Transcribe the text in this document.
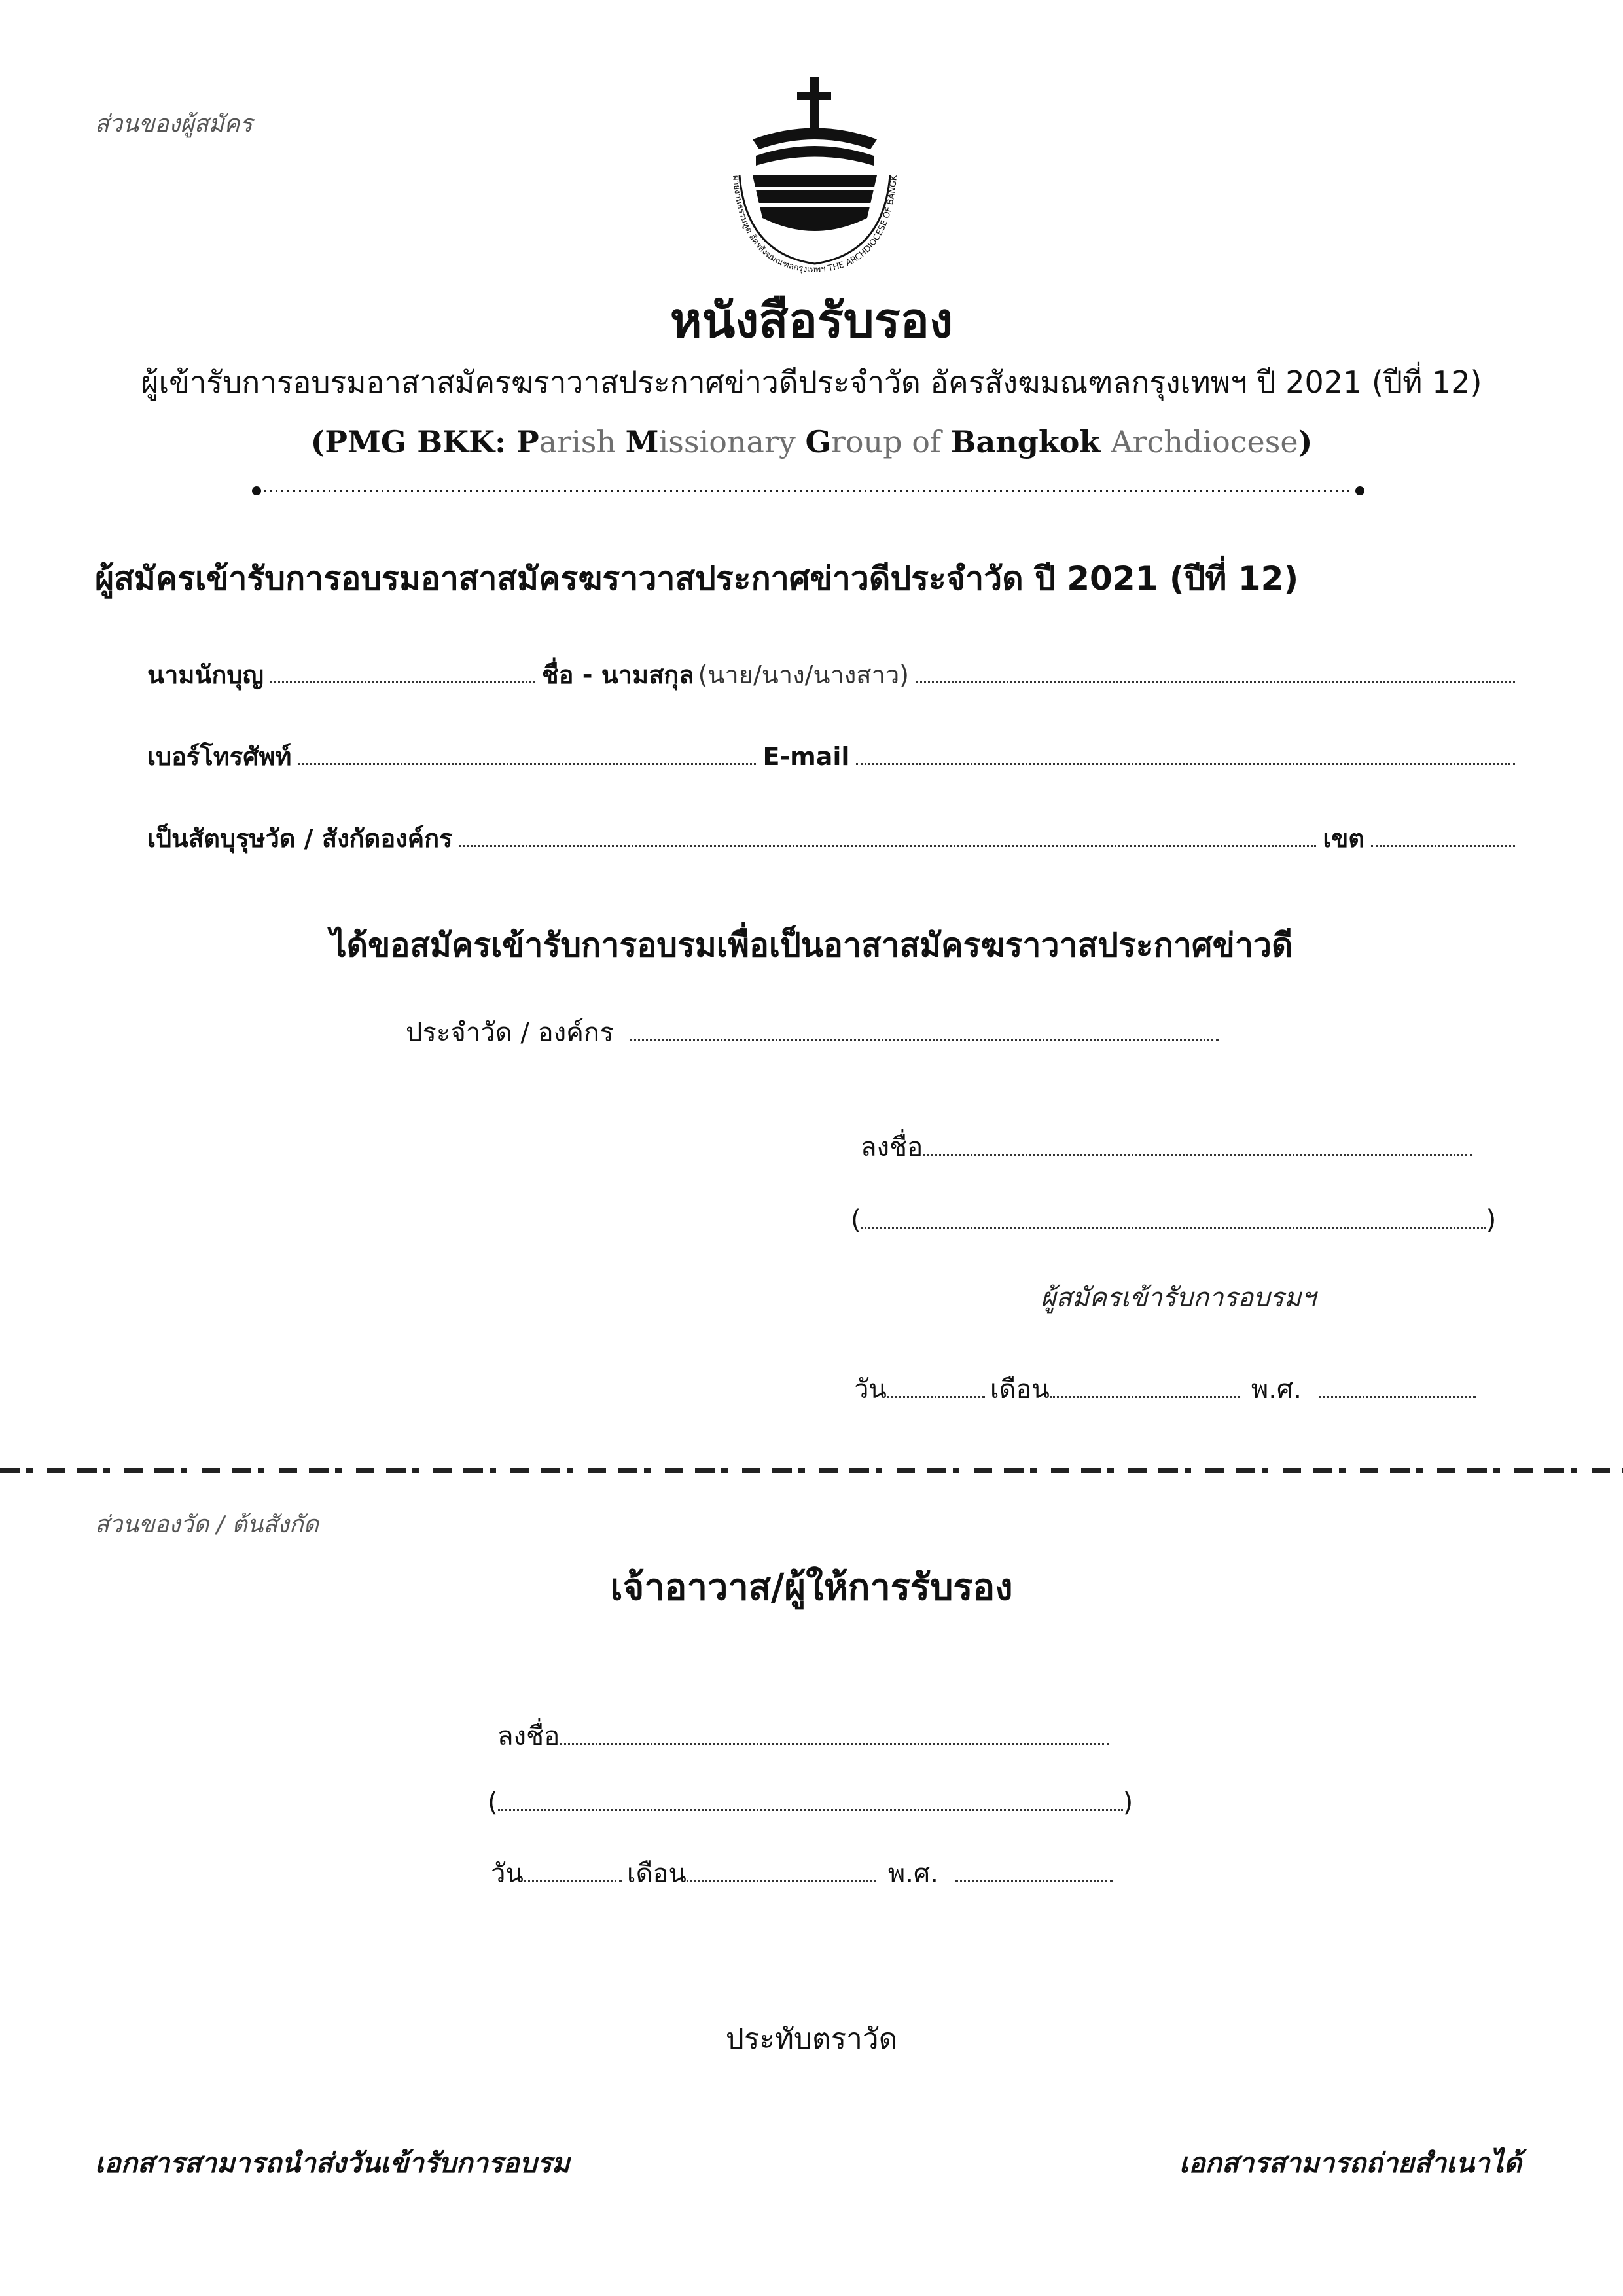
ส่วนของผู้สมัคร
ฝ่ายงานธรรมทูต อัครสังฆมณฑลกรุงเทพฯ THE ARCHDIOCESE OF BANGK
หนังสือรับรอง
ผู้เข้ารับการอบรมอาสาสมัครฆราวาสประกาศข่าวดีประจำวัด อัครสังฆมณฑลกรุงเทพฯ ปี 2021 (ปีที่ 12)
(PMG BKK: Parish Missionary Group of Bangkok Archdiocese)
ผู้สมัครเข้ารับการอบรมอาสาสมัครฆราวาสประกาศข่าวดีประจำวัด ปี 2021 (ปีที่ 12)
นามนักบุญ	ชื่อ - นามสกุล (นาย/นาง/นางสาว)
เบอร์โทรศัพท์	E-mail
เป็นสัตบุรุษวัด / สังกัดองค์กร	เขต
ได้ขอสมัครเข้ารับการอบรมเพื่อเป็นอาสาสมัครฆราวาสประกาศข่าวดี
ประจำวัด / องค์กร
ลงชื่อ
(	)
ผู้สมัครเข้ารับการอบรมฯ
วัน	เดือน	พ.ศ.
ส่วนของวัด / ต้นสังกัด
เจ้าอาวาส/ผู้ให้การรับรอง
ลงชื่อ
(	)
วัน	เดือน	พ.ศ.
ประทับตราวัด
เอกสารสามารถนำส่งวันเข้ารับการอบรม	เอกสารสามารถถ่ายสำเนาได้
